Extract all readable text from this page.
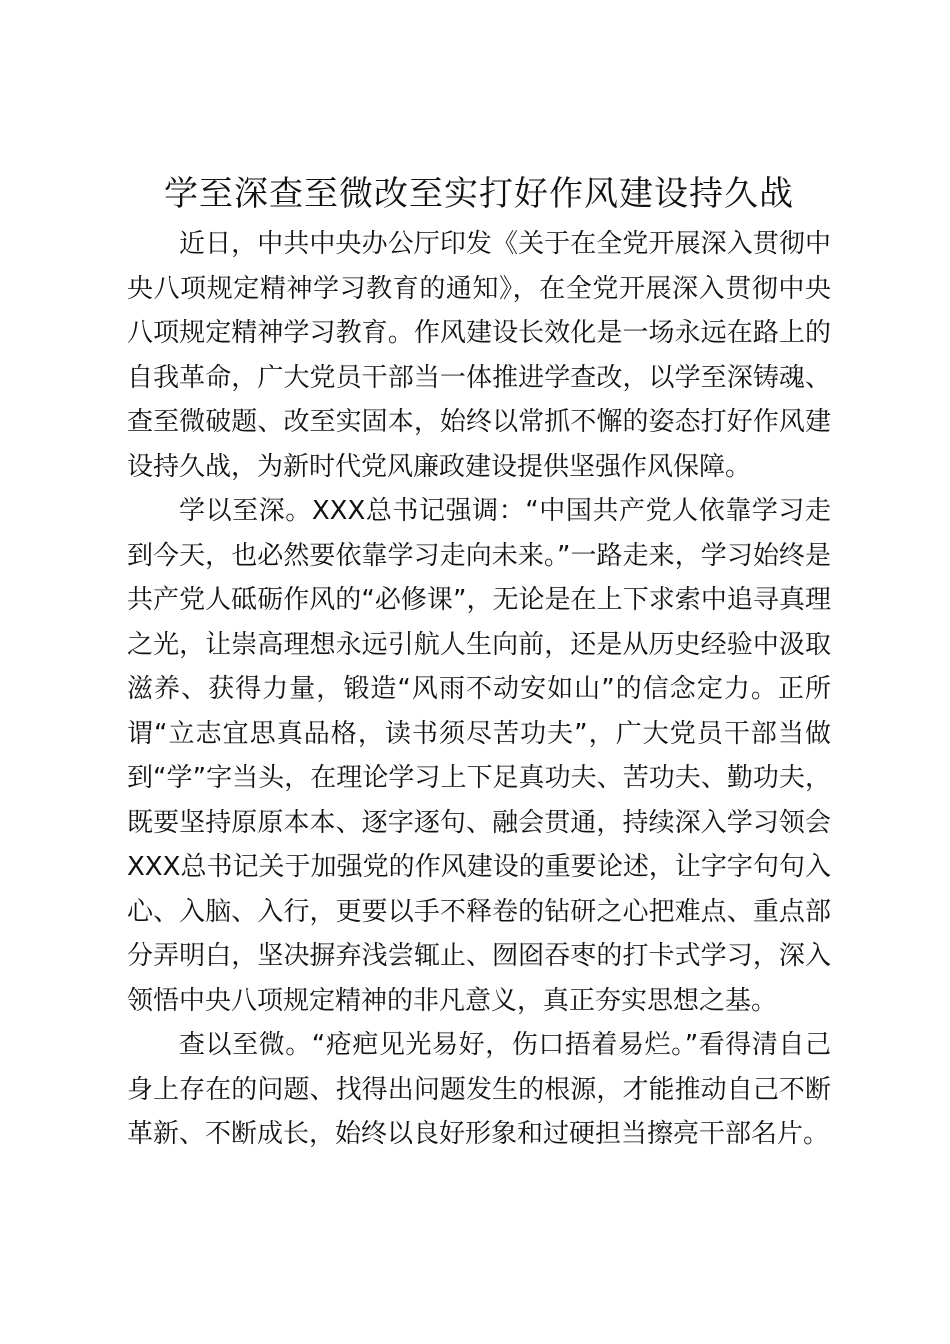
学至深查至微改至实打好作风建设持久战

近日，中共中央办公厅印发《关于在全党开展深入贯彻中央八项规定精神学习教育的通知》，在全党开展深入贯彻中央八项规定精神学习教育。作风建设长效化是一场永远在路上的自我革命，广大党员干部当一体推进学查改，以学至深铸魂、查至微破题、改至实固本，始终以常抓不懈的姿态打好作风建设持久战，为新时代党风廉政建设提供坚强作风保障。

学以至深。XXX总书记强调：“中国共产党人依靠学习走到今天，也必然要依靠学习走向未来。”一路走来，学习始终是共产党人砥砺作风的“必修课”，无论是在上下求索中追寻真理之光，让崇高理想永远引航人生向前，还是从历史经验中汲取滋养、获得力量，锻造“风雨不动安如山”的信念定力。正所谓“立志宜思真品格，读书须尽苦功夫”，广大党员干部当做到“学”字当头，在理论学习上下足真功夫、苦功夫、勤功夫，既要坚持原原本本、逐字逐句、融会贯通，持续深入学习领会XXX总书记关于加强党的作风建设的重要论述，让字字句句入心、入脑、入行，更要以手不释卷的钻研之心把难点、重点部分弄明白，坚决摒弃浅尝辄止、囫囵吞枣的打卡式学习，深入领悟中央八项规定精神的非凡意义，真正夯实思想之基。

查以至微。“疮疤见光易好，伤口捂着易烂。”看得清自己身上存在的问题、找得出问题发生的根源，才能推动自己不断革新、不断成长，始终以良好形象和过硬担当擦亮干部名片。
